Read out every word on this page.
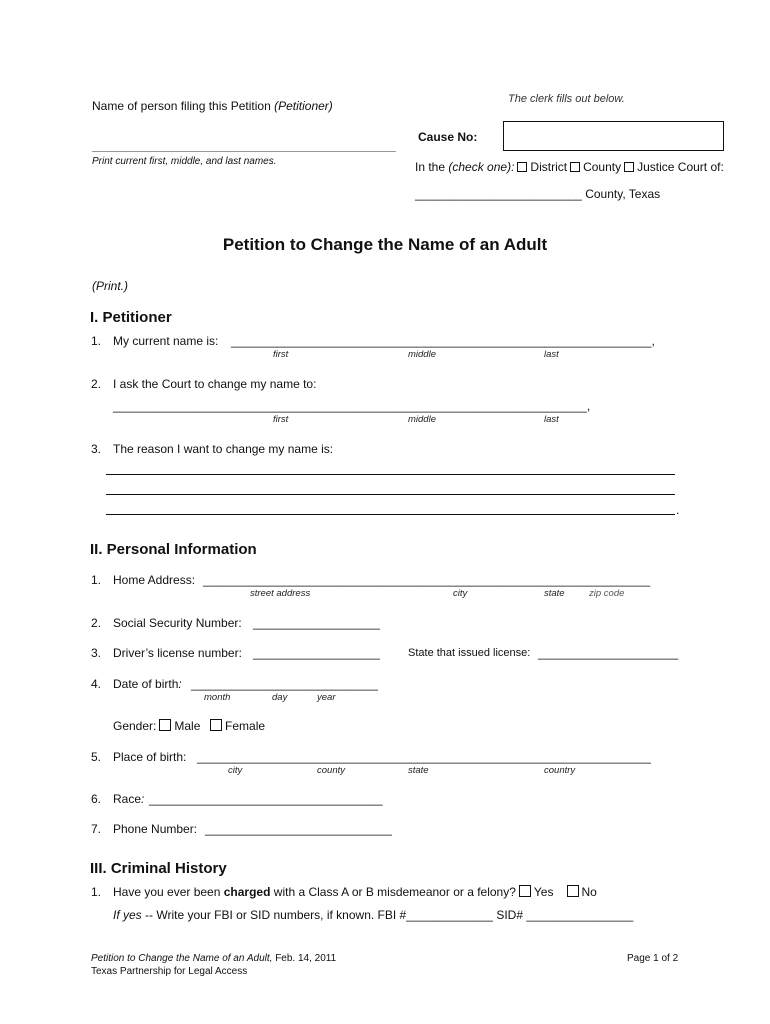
Name of person filing this Petition (Petitioner)
Print current first, middle, and last names.
The clerk fills out below.
Cause No:
In the (check one): District County Justice Court of:
_________________________ County, Texas
Petition to Change the Name of an Adult
(Print.)
I. Petitioner
1. My current name is: _______________________________________________________________,
first	middle	last
2. I ask the Court to change my name to:
_______________________________________________________________________,
first	middle	last
3. The reason I want to change my name is:
.
II. Personal Information
1. Home Address: ___________________________________________________________________
street address	city	state	zip code
2. Social Security Number: ___________________
3. Driver’s license number: ___________________	State that issued license: _____________________
4. Date of birth: ____________________________
month	day	year
Gender: Male Female
5. Place of birth: ____________________________________________________________________
city	county	state	country
6. Race: ___________________________________
7. Phone Number: ____________________________
III. Criminal History
1. Have you ever been charged with a Class A or B misdemeanor or a felony? Yes No
If yes -- Write your FBI or SID numbers, if known. FBI #_____________ SID# ________________
Petition to Change the Name of an Adult, Feb. 14, 2011
Texas Partnership for Legal Access
Page 1 of 2
